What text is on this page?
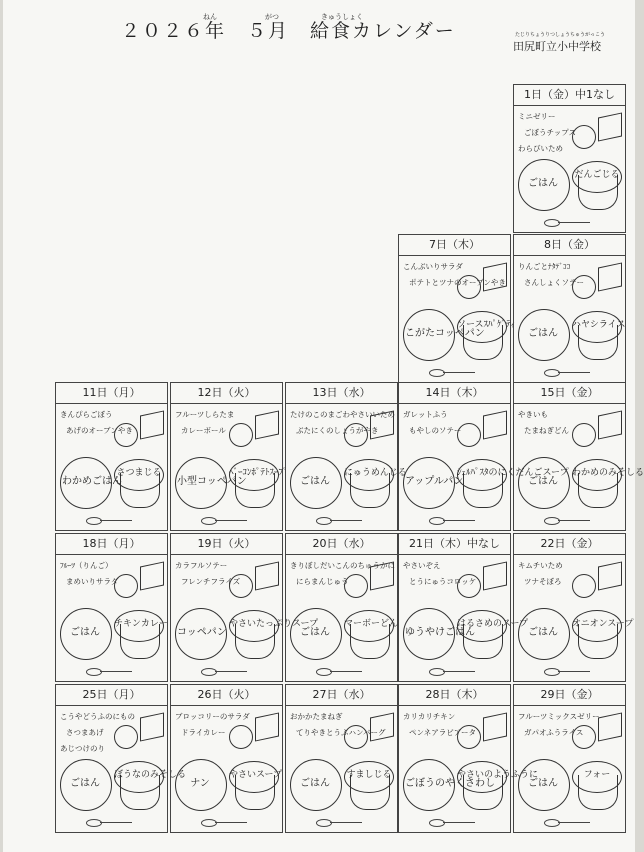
２０２６年　５月　給食カレンダー
ねん	がつ	きゅうしょく
たじりちょうりつしょうちゅうがっこう
田尻町立小中学校
1日（金）中1なし
ミニゼリー
ごぼうチップス
わらびいため
ごはん
だんごじる
7日（木）
こんぶいりサラダ
ポテトとツナのオーブンやき
こがたコッペパン
ソースｽﾊﾟｹﾞﾃｨ
8日（金）
りんごとﾅﾀﾃﾞｺｺ
さんしょくソテー
ごはん
ハヤシライス
11日（月）
きんぴらごぼう
あげのオーブンやき
わかめごはん
さつまじる
12日（火）
フルーツしらたま
カレーボール
小型コッペパン
ﾍﾞｰｺﾝﾎﾟﾃﾄｽｰﾌﾟ
13日（水）
たけのこのまごわやさいいため
ぶたにくのしょうがやき
ごはん
にゅうめんじる
14日（木）
ガレットふう
もやしのソテー
アップルパン
ｼｪﾙﾊﾟｽﾀのにくだんごスープ
15日（金）
やきいも
たまねぎどん
ごはん
わかめのみそしる
18日（月）
ﾌﾙｰﾂ（りんご）
まめいりサラダ
ごはん
チキンカレー
19日（火）
カラフルソテー
フレンチフライズ
コッペパン
やさいたっぷりスープ
20日（水）
きりぼしだいこんのちゅうかに
にらまんじゅう
ごはん
マーボーどん
21日（木）中なし
やさいぞえ
とうにゅうコロッケ
ゆうやけごはん
はるさめのスープ
22日（金）
キムチいため
ツナそぼろ
ごはん
オニオンスープ
25日（月）
こうやどうふのにもの
さつまあげ
あじつけのり
ごはん
ぼうなのみそしる
26日（火）
ブロッコリーのサラダ
ドライカレー
ナン
やさいスープ
27日（水）
おかかたまねぎ
てりやきとうふハンバーグ
ごはん
すましじる
28日（木）
カリカリチキン
ペンネアラビアータ
ごぼうのやくさわし
やさいのようふうに
29日（金）
フルーツミックスゼリー
ガパオふうライス
ごはん
フォー
